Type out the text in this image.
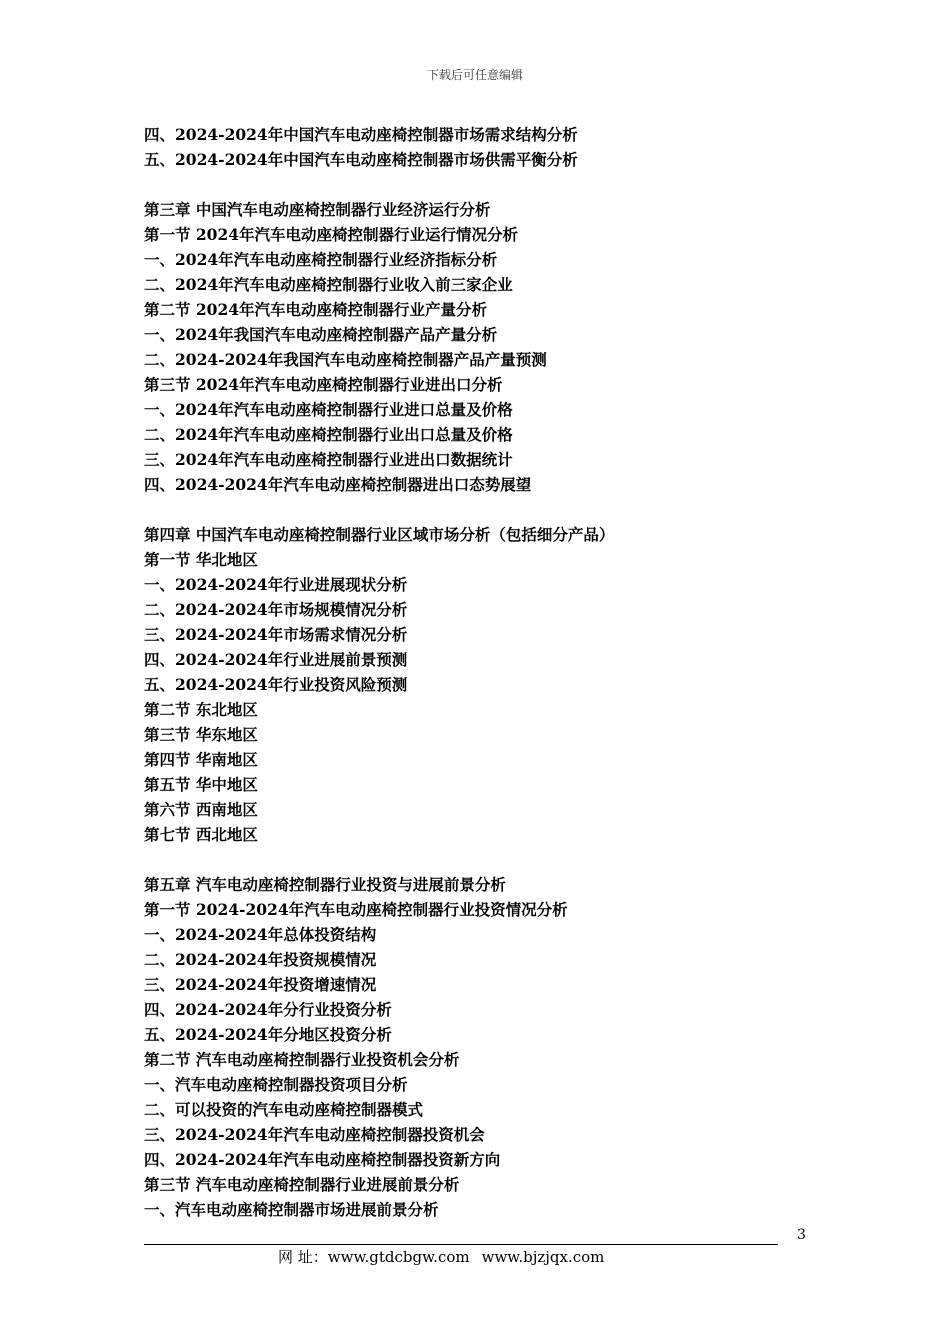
下载后可任意编辑
四、2024-2024年中国汽车电动座椅控制器市场需求结构分析
五、2024-2024年中国汽车电动座椅控制器市场供需平衡分析
第三章 中国汽车电动座椅控制器行业经济运行分析
第一节 2024年汽车电动座椅控制器行业运行情况分析
一、2024年汽车电动座椅控制器行业经济指标分析
二、2024年汽车电动座椅控制器行业收入前三家企业
第二节 2024年汽车电动座椅控制器行业产量分析
一、2024年我国汽车电动座椅控制器产品产量分析
二、2024-2024年我国汽车电动座椅控制器产品产量预测
第三节 2024年汽车电动座椅控制器行业进出口分析
一、2024年汽车电动座椅控制器行业进口总量及价格
二、2024年汽车电动座椅控制器行业出口总量及价格
三、2024年汽车电动座椅控制器行业进出口数据统计
四、2024-2024年汽车电动座椅控制器进出口态势展望
第四章 中国汽车电动座椅控制器行业区域市场分析（包括细分产品）
第一节 华北地区
一、2024-2024年行业进展现状分析
二、2024-2024年市场规模情况分析
三、2024-2024年市场需求情况分析
四、2024-2024年行业进展前景预测
五、2024-2024年行业投资风险预测
第二节 东北地区
第三节 华东地区
第四节 华南地区
第五节 华中地区
第六节 西南地区
第七节 西北地区
第五章 汽车电动座椅控制器行业投资与进展前景分析
第一节 2024-2024年汽车电动座椅控制器行业投资情况分析
一、2024-2024年总体投资结构
二、2024-2024年投资规模情况
三、2024-2024年投资增速情况
四、2024-2024年分行业投资分析
五、2024-2024年分地区投资分析
第二节 汽车电动座椅控制器行业投资机会分析
一、汽车电动座椅控制器投资项目分析
二、可以投资的汽车电动座椅控制器模式
三、2024-2024年汽车电动座椅控制器投资机会
四、2024-2024年汽车电动座椅控制器投资新方向
第三节 汽车电动座椅控制器行业进展前景分析
一、汽车电动座椅控制器市场进展前景分析
3
网 址：www.gtdcbgw.com www.bjzjqx.com
